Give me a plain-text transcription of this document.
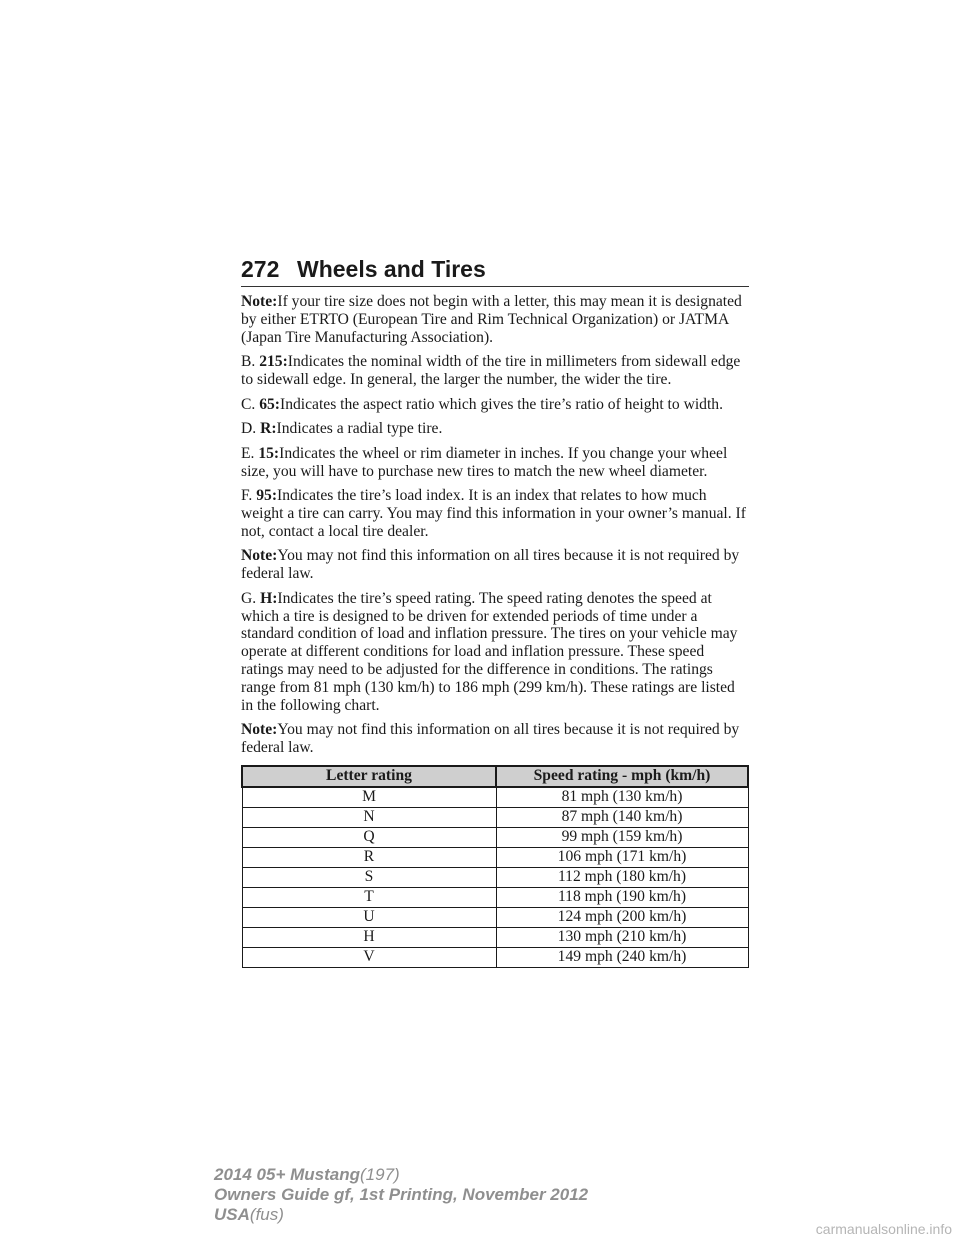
272 Wheels and Tires

Note:If your tire size does not begin with a letter, this may mean it is designated by either ETRTO (European Tire and Rim Technical Organization) or JATMA (Japan Tire Manufacturing Association).

B. 215:Indicates the nominal width of the tire in millimeters from sidewall edge to sidewall edge. In general, the larger the number, the wider the tire.

C. 65:Indicates the aspect ratio which gives the tire’s ratio of height to width.

D. R:Indicates a radial type tire.

E. 15:Indicates the wheel or rim diameter in inches. If you change your wheel size, you will have to purchase new tires to match the new wheel diameter.

F. 95:Indicates the tire’s load index. It is an index that relates to how much weight a tire can carry. You may find this information in your owner’s manual. If not, contact a local tire dealer.

Note:You may not find this information on all tires because it is not required by federal law.

G. H:Indicates the tire’s speed rating. The speed rating denotes the speed at which a tire is designed to be driven for extended periods of time under a standard condition of load and inflation pressure. The tires on your vehicle may operate at different conditions for load and inflation pressure. These speed ratings may need to be adjusted for the difference in conditions. The ratings range from 81 mph (130 km/h) to 186 mph (299 km/h). These ratings are listed in the following chart.

Note:You may not find this information on all tires because it is not required by federal law.

Letter rating	Speed rating - mph (km/h)
M	81 mph (130 km/h)
N	87 mph (140 km/h)
Q	99 mph (159 km/h)
R	106 mph (171 km/h)
S	112 mph (180 km/h)
T	118 mph (190 km/h)
U	124 mph (200 km/h)
H	130 mph (210 km/h)
V	149 mph (240 km/h)
2014 05+ Mustang(197)
Owners Guide gf, 1st Printing, November 2012
USA(fus)
carmanualsonline.info
